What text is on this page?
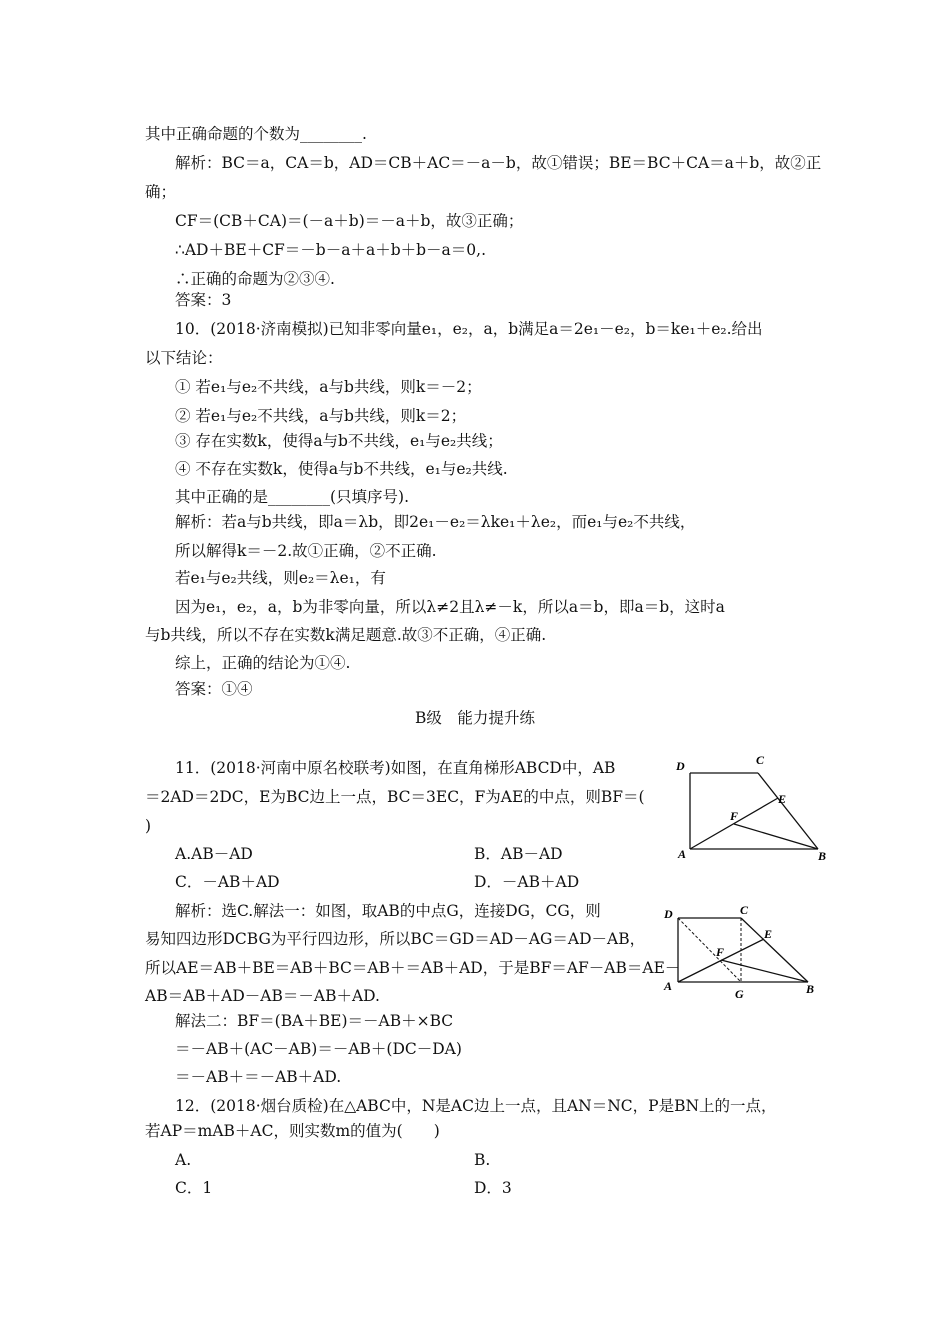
其中正确命题的个数为________.
解析：BC＝a，CA＝b，AD＝CB＋AC＝－a－b，故①错误；BE＝BC＋CA＝a＋b，故②正
确；
CF＝(CB＋CA)＝(－a＋b)＝－a＋b，故③正确；
∴AD＋BE＋CF＝－b－a＋a＋b＋b－a＝0,.
∴正确的命题为②③④.
答案：3
10．(2018·济南模拟)已知非零向量e₁，e₂，a，b满足a＝2e₁－e₂，b＝ke₁＋e₂.给出
以下结论：
① 若e₁与e₂不共线，a与b共线，则k＝－2；
② 若e₁与e₂不共线，a与b共线，则k＝2；
③ 存在实数k，使得a与b不共线，e₁与e₂共线；
④ 不存在实数k，使得a与b不共线，e₁与e₂共线.
其中正确的是________(只填序号).
解析：若a与b共线，即a＝λb，即2e₁－e₂＝λke₁＋λe₂，而e₁与e₂不共线，
所以解得k＝－2.故①正确，②不正确.
若e₁与e₂共线，则e₂＝λe₁，有
因为e₁，e₂，a，b为非零向量，所以λ≠2且λ≠－k，所以a＝b，即a＝b，这时a
与b共线，所以不存在实数k满足题意.故③不正确，④正确.
综上，正确的结论为①④.
答案：①④
B级　能力提升练
11．(2018·河南中原名校联考)如图，在直角梯形ABCD中，AB
＝2AD＝2DC，E为BC边上一点，BC＝3EC，F为AE的中点，则BF＝(
)
A.AB－AD	B．AB－AD
C．－AB＋AD	D．－AB＋AD
解析：选C.解法一：如图，取AB的中点G，连接DG，CG，则
易知四边形DCBG为平行四边形，所以BC＝GD＝AD－AG＝AD－AB，
所以AE＝AB＋BE＝AB＋BC＝AB＋＝AB＋AD，于是BF＝AF－AB＝AE－
AB＝AB＋AD－AB＝－AB＋AD.
解法二：BF＝(BA＋BE)＝－AB＋×BC
＝－AB＋(AC－AB)＝－AB＋(DC－DA)
＝－AB＋＝－AB＋AD.
12．(2018·烟台质检)在△ABC中，N是AC边上一点，且AN＝NC，P是BN上的一点，
若AP＝mAB＋AC，则实数m的值为(　　)
A.	B.
C．1	D．3
D	C
E
F
A	B
D	C
E
F
A
G	B
